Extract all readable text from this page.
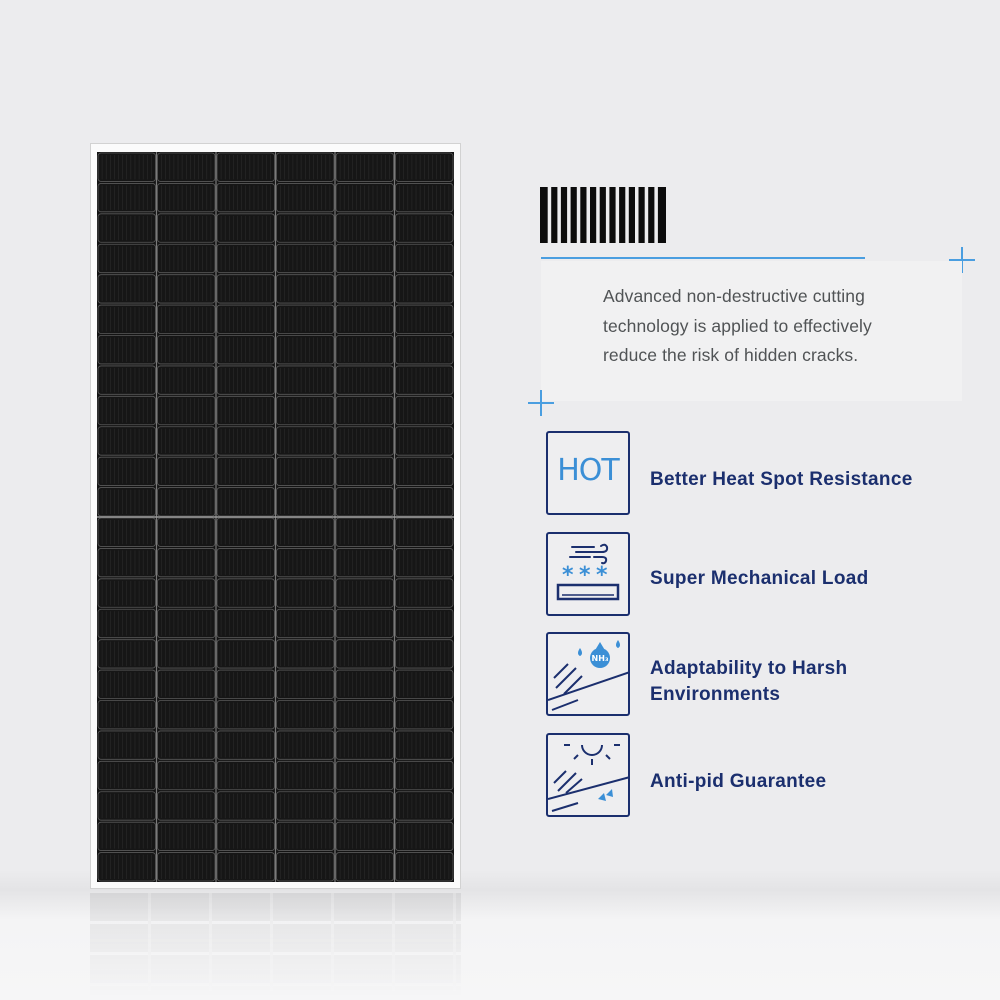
Advanced non-destructive cutting
technology is applied to effectively
reduce the risk of hidden cracks.

HOT	Better Heat Spot Resistance
* * * Super Mechanical Load
NH₃ Adaptability to Harsh
Environments
Anti-pid Guarantee
